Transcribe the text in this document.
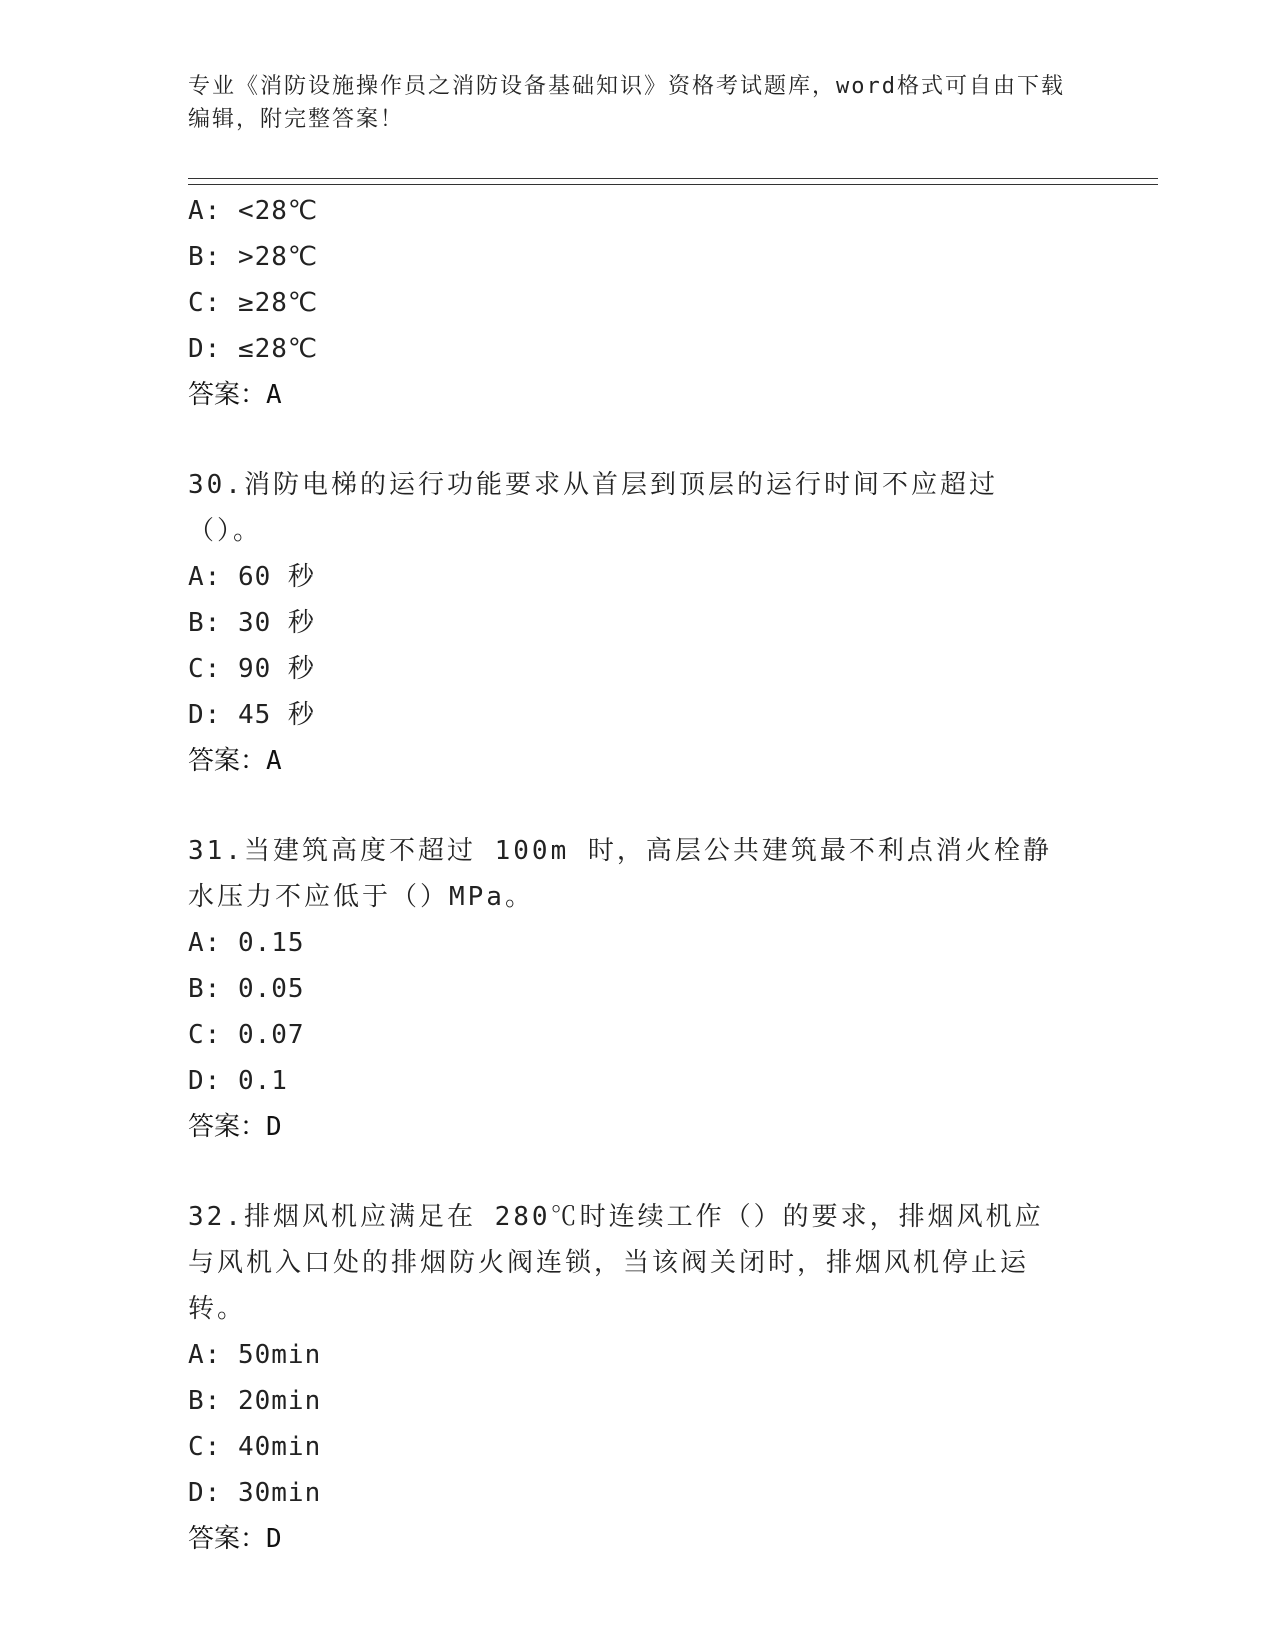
专业《消防设施操作员之消防设备基础知识》资格考试题库，word格式可自由下载编辑，附完整答案！
A: <28℃
B: >28℃
C: ≥28℃
D: ≤28℃
答案：A
30.消防电梯的运行功能要求从首层到顶层的运行时间不应超过（）。
A: 60 秒
B: 30 秒
C: 90 秒
D: 45 秒
答案：A
31.当建筑高度不超过 100m 时，高层公共建筑最不利点消火栓静水压力不应低于（）MPa。
A: 0.15
B: 0.05
C: 0.07
D: 0.1
答案：D
32.排烟风机应满足在 280℃时连续工作（）的要求，排烟风机应与风机入口处的排烟防火阀连锁，当该阀关闭时，排烟风机停止运转。
A: 50min
B: 20min
C: 40min
D: 30min
答案：D
